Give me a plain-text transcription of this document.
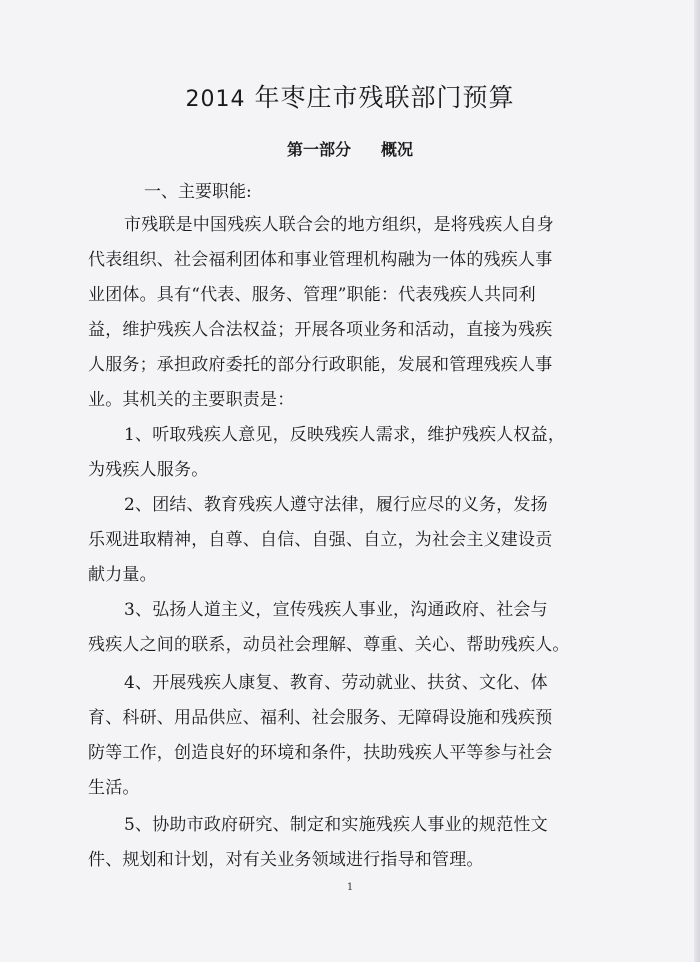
2014 年枣庄市残联部门预算
第一部分 概况
一、主要职能:
市残联是中国残疾人联合会的地方组织，是将残疾人自身
代表组织、社会福利团体和事业管理机构融为一体的残疾人事
业团体。具有“代表、服务、管理”职能：代表残疾人共同利
益，维护残疾人合法权益；开展各项业务和活动，直接为残疾
人服务；承担政府委托的部分行政职能，发展和管理残疾人事
业。其机关的主要职责是：
1、听取残疾人意见，反映残疾人需求，维护残疾人权益，
为残疾人服务。
2、团结、教育残疾人遵守法律，履行应尽的义务，发扬
乐观进取精神，自尊、自信、自强、自立，为社会主义建设贡
献力量。
3、弘扬人道主义，宣传残疾人事业，沟通政府、社会与
残疾人之间的联系，动员社会理解、尊重、关心、帮助残疾人。
4、开展残疾人康复、教育、劳动就业、扶贫、文化、体
育、科研、用品供应、福利、社会服务、无障碍设施和残疾预
防等工作，创造良好的环境和条件，扶助残疾人平等参与社会
生活。
5、协助市政府研究、制定和实施残疾人事业的规范性文
件、规划和计划，对有关业务领域进行指导和管理。
1
